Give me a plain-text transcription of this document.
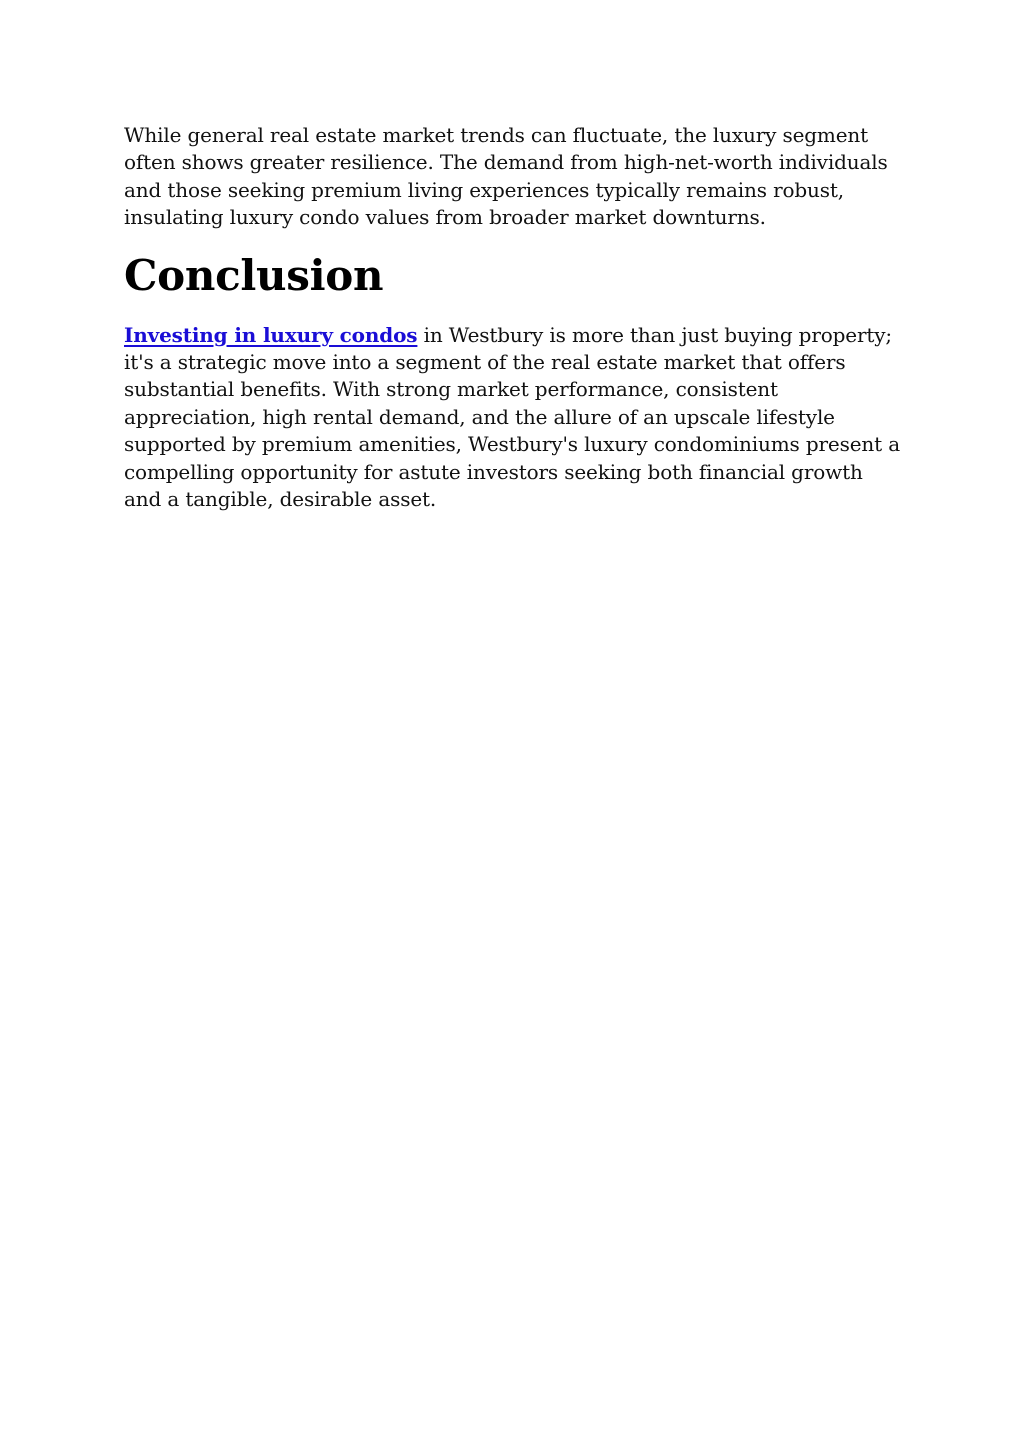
While general real estate market trends can fluctuate, the luxury segment often shows greater resilience. The demand from high-net-worth individuals and those seeking premium living experiences typically remains robust, insulating luxury condo values from broader market downturns.

Conclusion

Investing in luxury condos in Westbury is more than just buying property; it's a strategic move into a segment of the real estate market that offers substantial benefits. With strong market performance, consistent appreciation, high rental demand, and the allure of an upscale lifestyle supported by premium amenities, Westbury's luxury condominiums present a compelling opportunity for astute investors seeking both financial growth and a tangible, desirable asset.
